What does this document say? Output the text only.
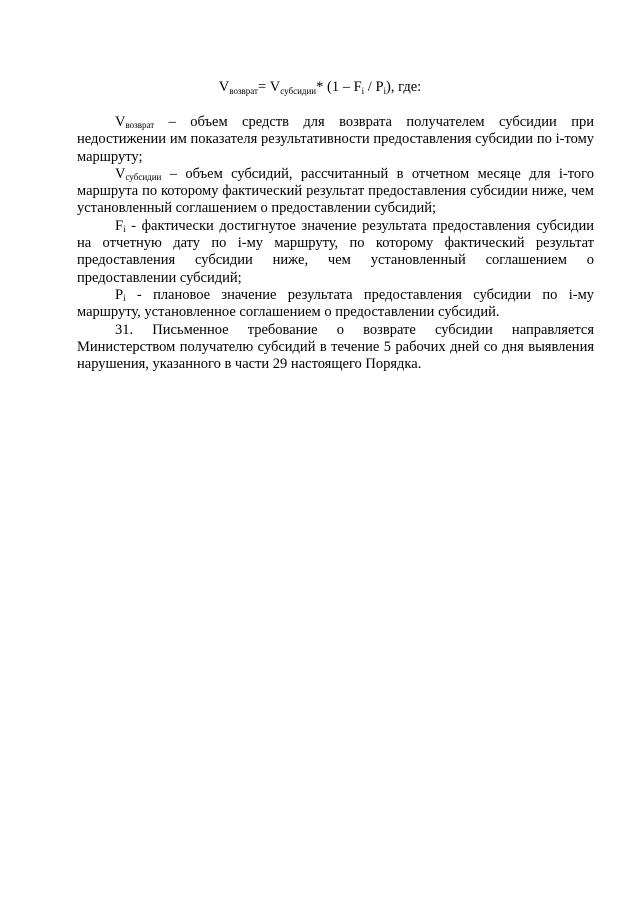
$V_{возврат}= V_{субсидии}*$ $(1 - F_i / P_i)$, где:

$V_{возврат}$ – объем средств для возврата получателем субсидии при недостижении им показателя результативности предоставления субсидии по i-тому маршруту;

$V_{субсидии}$ – объем субсидий, рассчитанный в отчетном месяце для i-того маршрута по которому фактический результат предоставления субсидии ниже, чем установленный соглашением о предоставлении субсидий;

$F_i$ - фактически достигнутое значение результата предоставления субсидии на отчетную дату по i-му маршруту, по которому фактический результат предоставления субсидии ниже, чем установленный соглашением о предоставлении субсидий;

$P_i$ - плановое значение результата предоставления субсидии по i-му маршруту, установленное соглашением о предоставлении субсидий.

31. Письменное требование о возврате субсидии направляется Министерством получателю субсидий в течение 5 рабочих дней со дня выявления нарушения, указанного в части 29 настоящего Порядка.
